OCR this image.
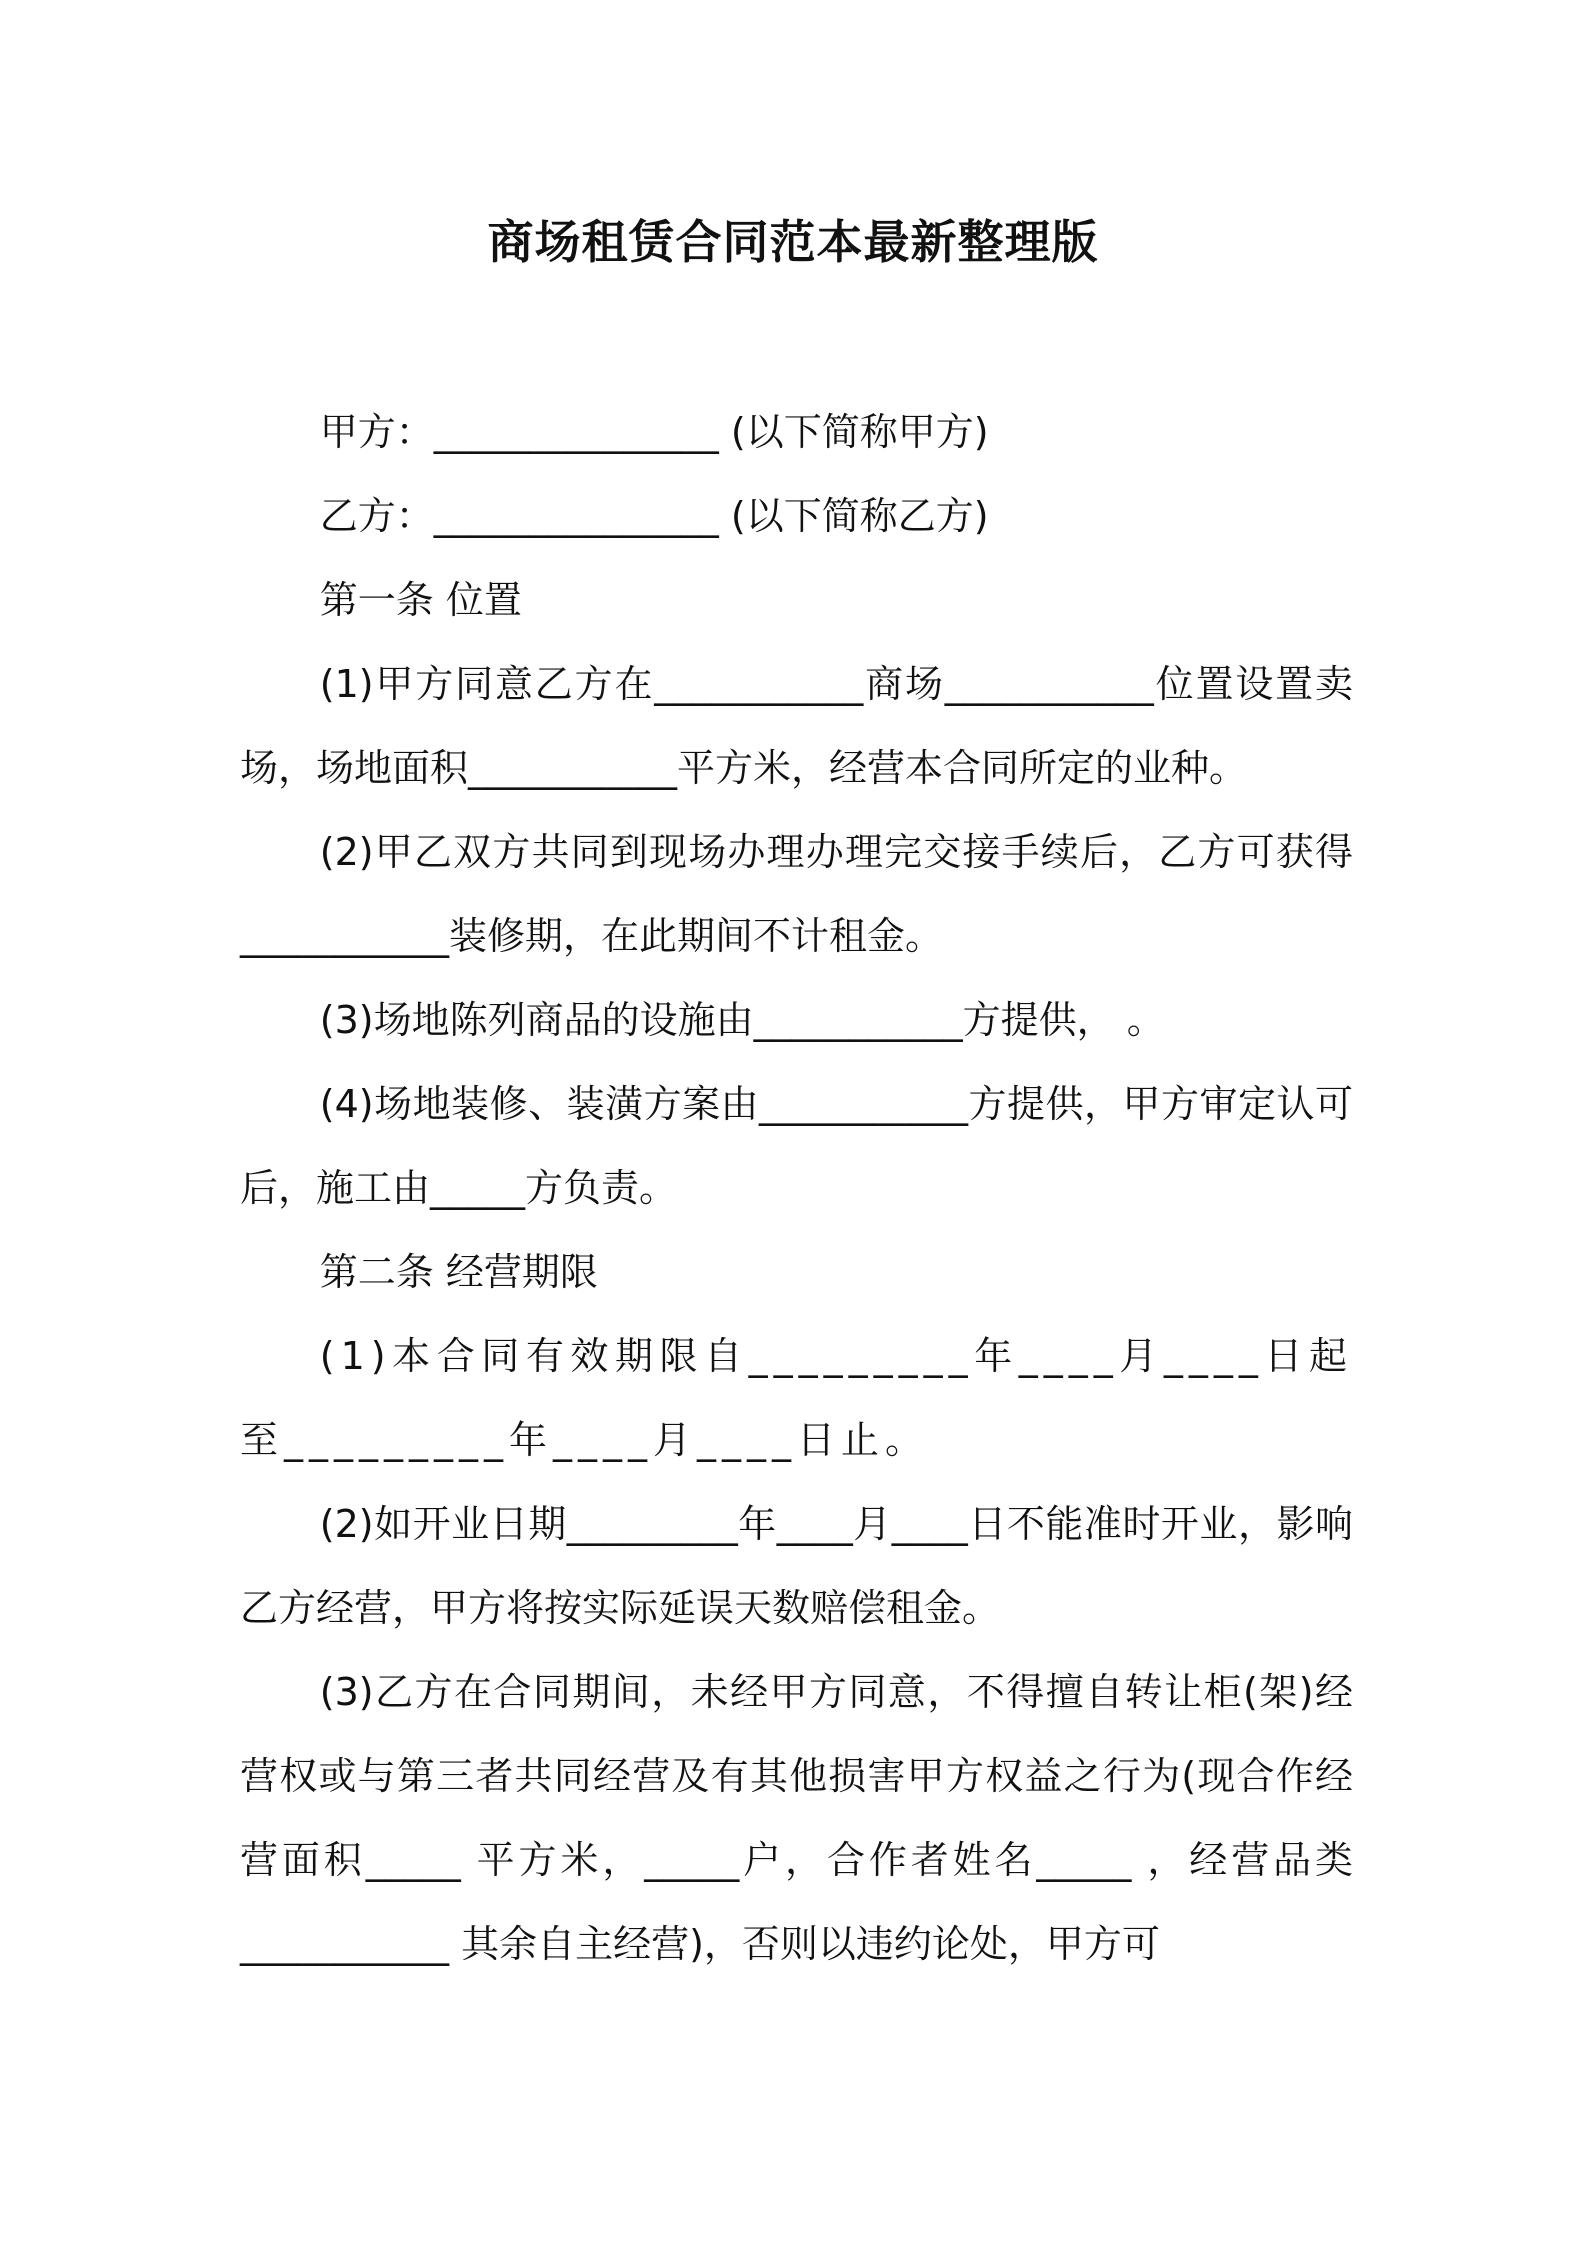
商场租赁合同范本最新整理版

甲方：_______________ (以下简称甲方)

乙方：_______________ (以下简称乙方)

第一条 位置

(1)甲方同意乙方在___________商场___________位置设置卖场，场地面积___________平方米，经营本合同所定的业种。

(2)甲乙双方共同到现场办理办理完交接手续后，乙方可获得___________装修期，在此期间不计租金。

(3)场地陈列商品的设施由___________方提供， 。

(4)场地装修、装潢方案由___________方提供，甲方审定认可后，施工由_____方负责。

第二条 经营期限

(1)本合同有效期限自_________年____月____日起至_________年____月____日止。

(2)如开业日期_________年____月____日不能准时开业，影响乙方经营，甲方将按实际延误天数赔偿租金。

(3)乙方在合同期间，未经甲方同意，不得擅自转让柜(架)经营权或与第三者共同经营及有其他损害甲方权益之行为(现合作经营面积_____ 平方米，_____户，合作者姓名_____ ，经营品类___________ 其余自主经营)，否则以违约论处，甲方可
